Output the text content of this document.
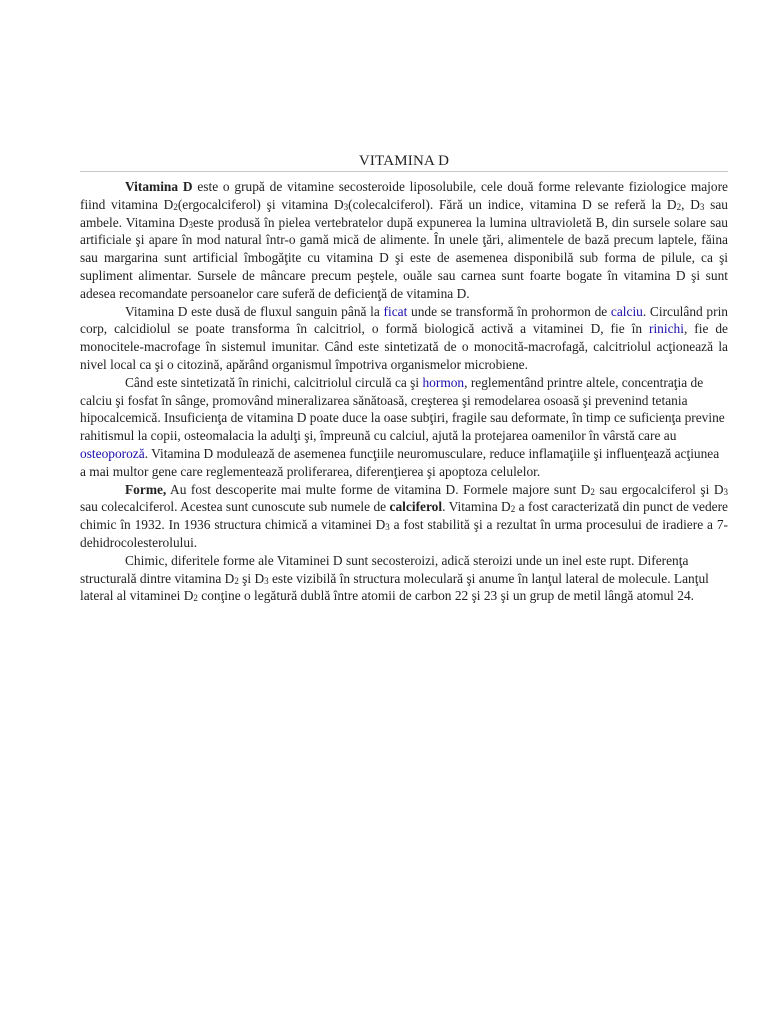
VITAMINA D

Vitamina D este o grupă de vitamine secosteroide liposolubile, cele două forme relevante fiziologice majore fiind vitamina $D_2(ergocalciferol)$ şi vitamina $D_3(colecalciferol)$. Fără un indice, vitamina D se referă la $D_2$, $D_3$ sau ambele. Vitamina $D_3este$ produsă în pielea vertebratelor după expunerea la lumina ultravioletă B, din sursele solare sau artificiale şi apare în mod natural într-o gamă mică de alimente. În unele ţări, alimentele de bază precum laptele, făina sau margarina sunt artificial îmbogăţite cu vitamina D şi este de asemenea disponibilă sub forma de pilule, ca şi supliment alimentar. Sursele de mâncare precum peştele, ouăle sau carnea sunt foarte bogate în vitamina D şi sunt adesea recomandate persoanelor care suferă de deficienţă de vitamina D.

Vitamina D este dusă de fluxul sanguin până la ficat unde se transformă în prohormon de calciu. Circulând prin corp, calcidiolul se poate transforma în calcitriol, o formă biologică activă a vitaminei D, fie în rinichi, fie de monocitele-macrofage în sistemul imunitar. Când este sintetizată de o monocită-macrofagă, calcitriolul acţionează la nivel local ca şi o citozină, apărând organismul împotriva organismelor microbiene.

Când este sintetizată în rinichi, calcitriolul circulă ca şi hormon, reglementând printre altele, concentraţia de calciu şi fosfat în sânge, promovând mineralizarea sănătoasă, creşterea şi remodelarea osoasă şi prevenind tetania hipocalcemică. Insuficienţa de vitamina D poate duce la oase subţiri, fragile sau deformate, în timp ce suficienţa previne rahitismul la copii, osteomalacia la adulţi şi, împreună cu calciul, ajută la protejarea oamenilor în vârstă care au osteoporoză. Vitamina D modulează de asemenea funcţiile neuromusculare, reduce inflamaţiile şi influenţează acţiunea a mai multor gene care reglementează proliferarea, diferenţierea şi apoptoza celulelor.

Forme, Au fost descoperite mai multe forme de vitamina D. Formele majore sunt $D_2$ sau ergocalciferol şi $D_3$ sau colecalciferol. Acestea sunt cunoscute sub numele de calciferol. Vitamina $D_2$ a fost caracterizată din punct de vedere chimic în 1932. In 1936 structura chimică a vitaminei $D_3$ a fost stabilită şi a rezultat în urma procesului de iradiere a 7-dehidrocolesterolului.

Chimic, diferitele forme ale Vitaminei D sunt secosteroizi, adică steroizi unde un inel este rupt. Diferenţa structurală dintre vitamina $D_2$ şi $D_3$ este vizibilă în structura moleculară şi anume în lanţul lateral de molecule. Lanţul lateral al vitaminei $D_2$ conţine o legătură dublă între atomii de carbon 22 şi 23 şi un grup de metil lângă atomul 24.
